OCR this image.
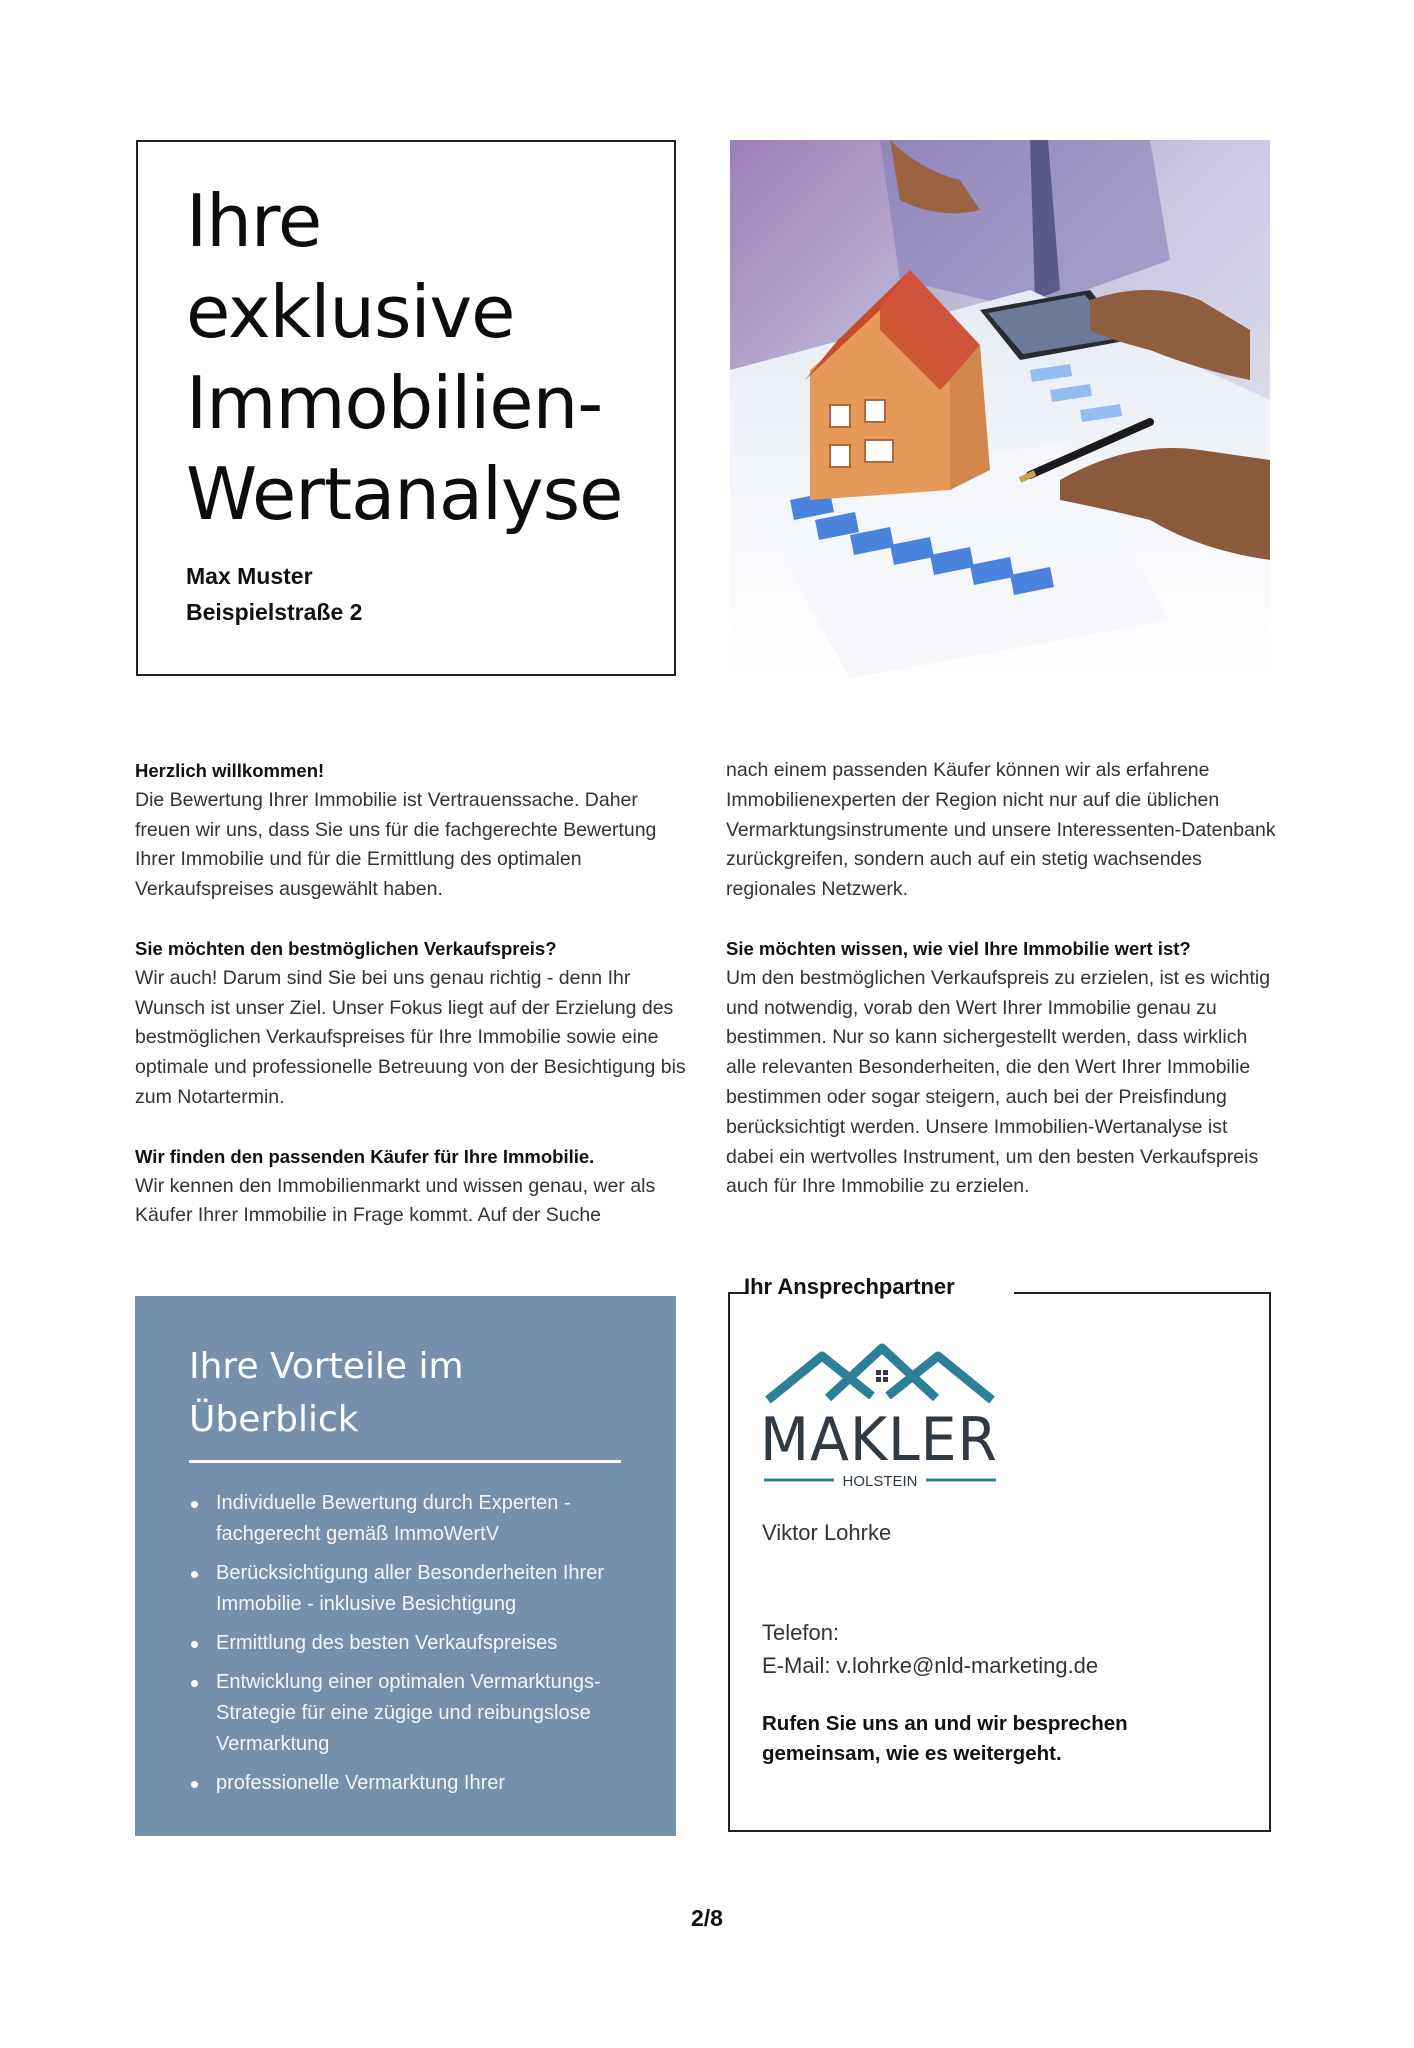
Ihre
exklusive
Immobilien-
Wertanalyse
Max Muster
Beispielstraße 2

Herzlich willkommen!

Die Bewertung Ihrer Immobilie ist Vertrauenssache. Daher freuen wir uns, dass Sie uns für die fachgerechte Bewertung Ihrer Immobilie und für die Ermittlung des optimalen Verkaufspreises ausgewählt haben.

Sie möchten den bestmöglichen Verkaufspreis?

Wir auch! Darum sind Sie bei uns genau richtig - denn Ihr Wunsch ist unser Ziel. Unser Fokus liegt auf der Erzielung des bestmöglichen Verkaufspreises für Ihre Immobilie sowie eine optimale und professionelle Betreuung von der Besichtigung bis zum Notartermin.

Wir finden den passenden Käufer für Ihre Immobilie.

Wir kennen den Immobilienmarkt und wissen genau, wer als Käufer Ihrer Immobilie in Frage kommt. Auf der Suche

nach einem passenden Käufer können wir als erfahrene Immobilienexperten der Region nicht nur auf die üblichen Vermarktungsinstrumente und unsere Interessenten-Datenbank zurückgreifen, sondern auch auf ein stetig wachsendes regionales Netzwerk.

Sie möchten wissen, wie viel Ihre Immobilie wert ist?

Um den bestmöglichen Verkaufspreis zu erzielen, ist es wichtig und notwendig, vorab den Wert Ihrer Immobilie genau zu bestimmen. Nur so kann sichergestellt werden, dass wirklich alle relevanten Besonderheiten, die den Wert Ihrer Immobilie bestimmen oder sogar steigern, auch bei der Preisfindung berücksichtigt werden. Unsere Immobilien-Wertanalyse ist dabei ein wertvolles Instrument, um den besten Verkaufspreis auch für Ihre Immobilie zu erzielen.

Ihre Vorteile im
Überblick
Individuelle Bewertung durch Experten - fachgerecht gemäß ImmoWertV
Berücksichtigung aller Besonderheiten Ihrer Immobilie - inklusive Besichtigung
Ermittlung des besten Verkaufspreises
Entwicklung einer optimalen Vermarktungs-Strategie für eine zügige und reibungslose Vermarktung
professionelle Vermarktung Ihrer
Ihr Ansprechpartner
MAKLER
HOLSTEIN
Viktor Lohrke
Telefon:
E-Mail: v.lohrke@nld-marketing.de
Rufen Sie uns an und wir besprechen gemeinsam, wie es weitergeht.
2/8
